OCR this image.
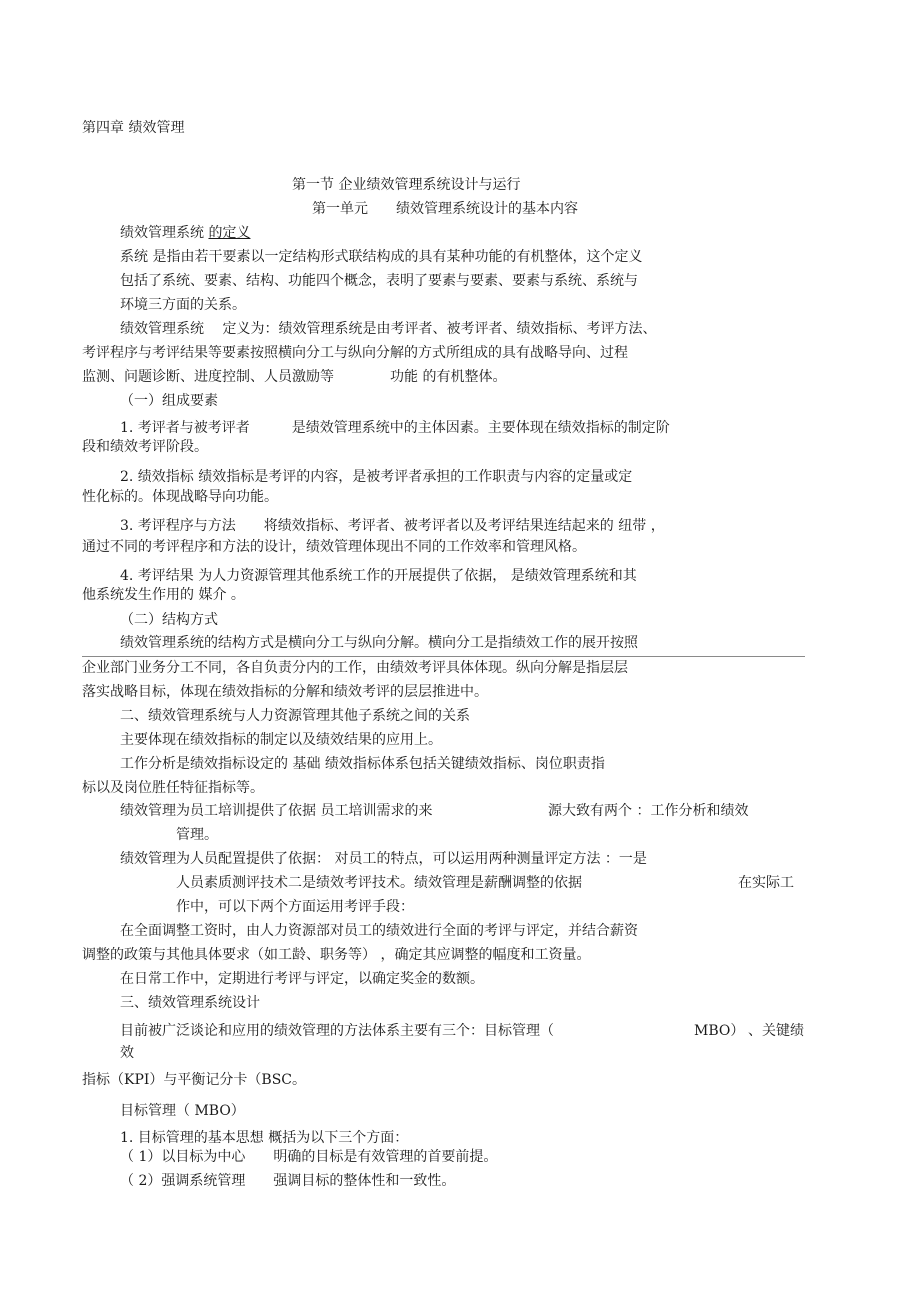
第四章 绩效管理
第一节 企业绩效管理系统设计与运行
第一单元　　绩效管理系统设计的基本内容
绩效管理系统 的定义
系统 是指由若干要素以一定结构形式联结构成的具有某种功能的有机整体，这个定义
包括了系统、要素、结构、功能四个概念，表明了要素与要素、要素与系统、系统与
环境三方面的关系。
绩效管理系统　 定义为：绩效管理系统是由考评者、被考评者、绩效指标、考评方法、
考评程序与考评结果等要素按照横向分工与纵向分解的方式所组成的具有战略导向、过程
监测、问题诊断、进度控制、人员激励等　　　　功能 的有机整体。
（一）组成要素
1. 考评者与被考评者　　　是绩效管理系统中的主体因素。主要体现在绩效指标的制定阶
段和绩效考评阶段。
2. 绩效指标 绩效指标是考评的内容，是被考评者承担的工作职责与内容的定量或定
性化标的。体现战略导向功能。
3. 考评程序与方法　　将绩效指标、考评者、被考评者以及考评结果连结起来的 纽带 ，
通过不同的考评程序和方法的设计，绩效管理体现出不同的工作效率和管理风格。
4. 考评结果 为人力资源管理其他系统工作的开展提供了依据， 是绩效管理系统和其
他系统发生作用的 媒介 。
（二）结构方式
绩效管理系统的结构方式是横向分工与纵向分解。横向分工是指绩效工作的展开按照
企业部门业务分工不同，各自负责分内的工作，由绩效考评具体体现。纵向分解是指层层
落实战略目标，体现在绩效指标的分解和绩效考评的层层推进中。
二、绩效管理系统与人力资源管理其他子系统之间的关系
主要体现在绩效指标的制定以及绩效结果的应用上。
工作分析是绩效指标设定的 基础 绩效指标体系包括关键绩效指标、岗位职责指
标以及岗位胜任特征指标等。
绩效管理为员工培训提供了依据 员工培训需求的来	源大致有两个 ：工作分析和绩效
管理。
绩效管理为人员配置提供了依据： 对员工的特点，可以运用两种测量评定方法 ：一是
人员素质测评技术二是绩效考评技术。绩效管理是薪酬调整的依据	在实际工
作中，可以下两个方面运用考评手段：
在全面调整工资时，由人力资源部对员工的绩效进行全面的考评与评定，并结合薪资
调整的政策与其他具体要求（如工龄、职务等） ，确定其应调整的幅度和工资量。
在日常工作中，定期进行考评与评定，以确定奖金的数额。
三、绩效管理系统设计
目前被广泛谈论和应用的绩效管理的方法体系主要有三个：目标管理（	MBO） 、关键绩
效
指标（KPI）与平衡记分卡（BSC。
目标管理（ MBO）
1. 目标管理的基本思想 概括为以下三个方面：
（ 1）以目标为中心　　明确的目标是有效管理的首要前提。
（ 2）强调系统管理　　强调目标的整体性和一致性。
